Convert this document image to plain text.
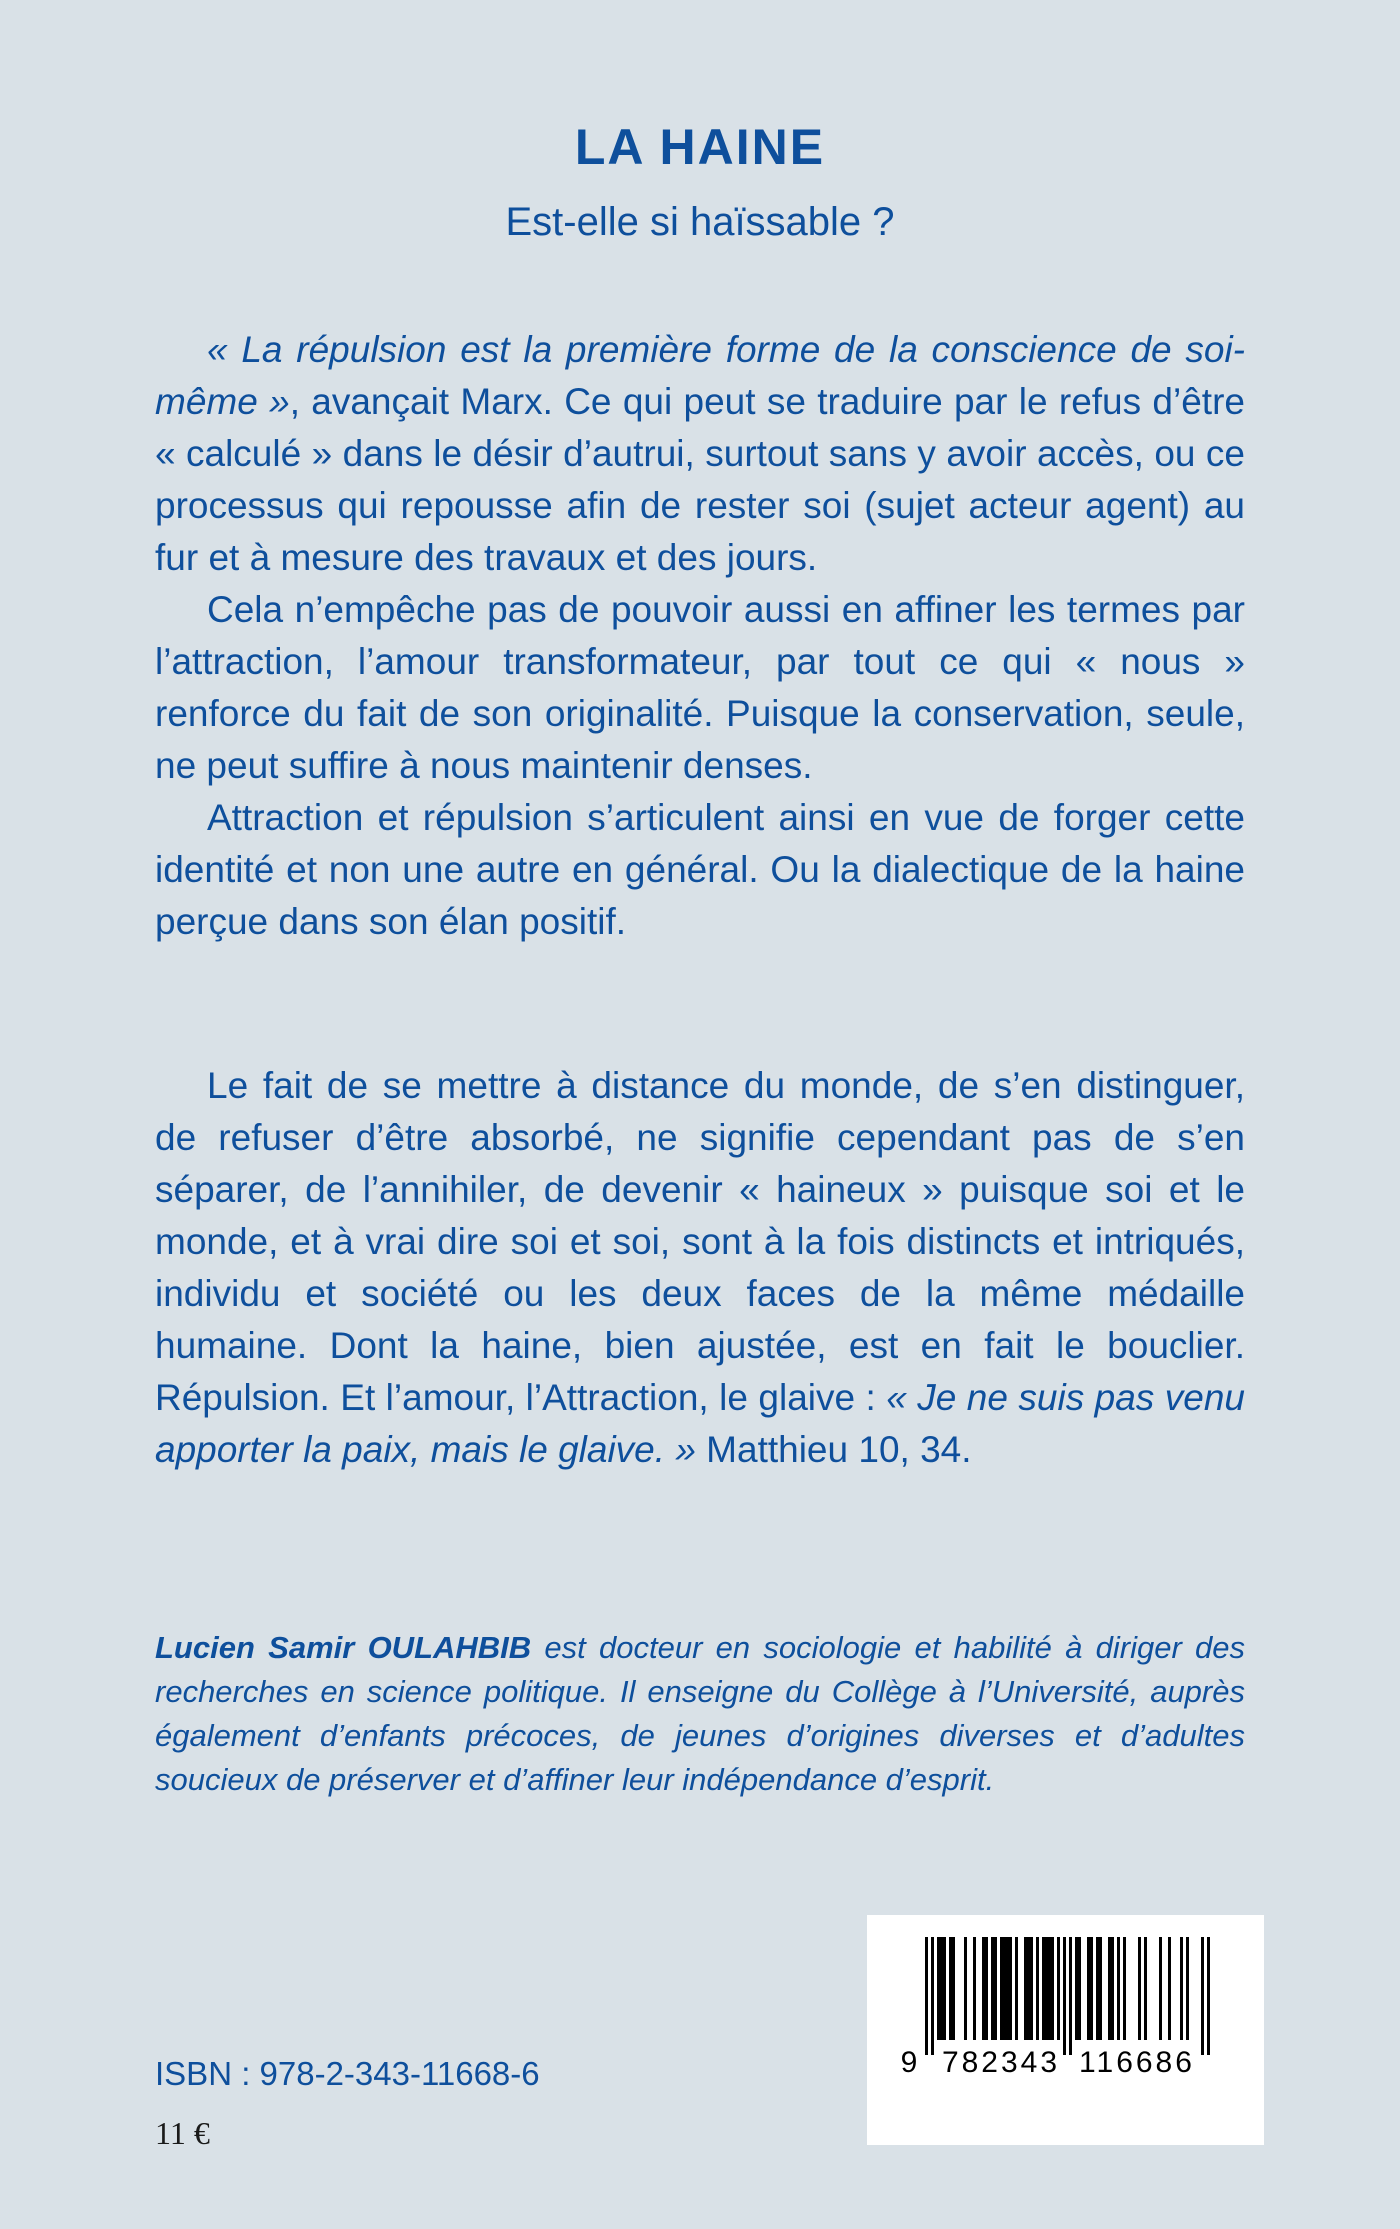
LA HAINE
Est-elle si haïssable ?

« La répulsion est la première forme de la conscience de soi-même », avançait Marx. Ce qui peut se traduire par le refus d’être « calculé » dans le désir d’autrui, surtout sans y avoir accès, ou ce processus qui repousse afin de rester soi (sujet acteur agent) au fur et à mesure des travaux et des jours.

Cela n’empêche pas de pouvoir aussi en affiner les termes par l’attraction, l’amour transformateur, par tout ce qui « nous » renforce du fait de son originalité. Puisque la conservation, seule, ne peut suffire à nous maintenir denses.

Attraction et répulsion s’articulent ainsi en vue de forger cette identité et non une autre en général. Ou la dialectique de la haine perçue dans son élan positif.

Le fait de se mettre à distance du monde, de s’en distinguer, de refuser d’être absorbé, ne signifie cependant pas de s’en séparer, de l’annihiler, de devenir « haineux » puisque soi et le monde, et à vrai dire soi et soi, sont à la fois distincts et intriqués, individu et société ou les deux faces de la même médaille humaine. Dont la haine, bien ajustée, est en fait le bouclier. Répulsion. Et l’amour, l’Attraction, le glaive : « Je ne suis pas venu apporter la paix, mais le glaive. » Matthieu 10, 34.

Lucien Samir OULAHBIB est docteur en sociologie et habilité à diriger des recherches en science politique. Il enseigne du Collège à l’Université, auprès également d’enfants précoces, de jeunes d’origines diverses et d’adultes soucieux de préserver et d’affiner leur indépendance d’esprit.

ISBN : 978-2-343-11668-6
11 €
9 782343 116686
